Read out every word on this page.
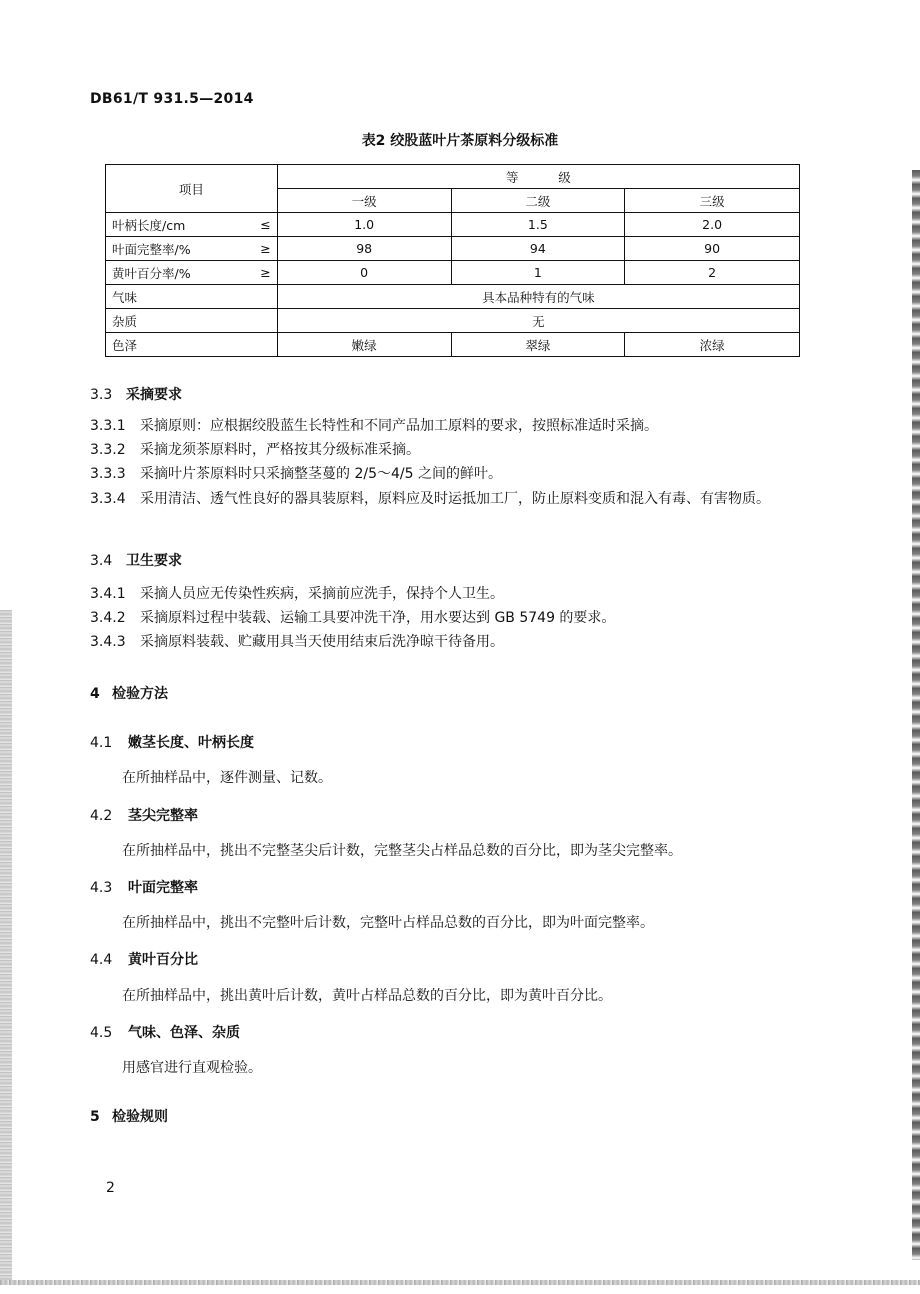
DB61/T 931.5—2014
表2 绞股蓝叶片茶原料分级标准
项目		等          级		
		一级	二级	三级
叶柄长度/cm	≤	1.0	1.5	2.0
叶面完整率/%	≥	98	94	90
黄叶百分率/%	≥	0	1	2
气味		具本品种特有的气味		
杂质		无		
色泽		嫩绿	翠绿	浓绿
3.3 采摘要求
3.3.1 采摘原则：应根据绞股蓝生长特性和不同产品加工原料的要求，按照标准适时采摘。
3.3.2 采摘龙须茶原料时，严格按其分级标准采摘。
3.3.3 采摘叶片茶原料时只采摘整茎蔓的 2/5～4/5 之间的鲜叶。
3.3.4 采用清洁、透气性良好的器具装原料，原料应及时运抵加工厂，防止原料变质和混入有毒、有害物质。
3.4 卫生要求
3.4.1 采摘人员应无传染性疾病，采摘前应洗手，保持个人卫生。
3.4.2 采摘原料过程中装载、运输工具要冲洗干净，用水要达到 GB 5749 的要求。
3.4.3 采摘原料装载、贮藏用具当天使用结束后洗净晾干待备用。
4 检验方法
4.1 嫩茎长度、叶柄长度
在所抽样品中，逐件测量、记数。
4.2 茎尖完整率
在所抽样品中，挑出不完整茎尖后计数，完整茎尖占样品总数的百分比，即为茎尖完整率。
4.3 叶面完整率
在所抽样品中，挑出不完整叶后计数，完整叶占样品总数的百分比，即为叶面完整率。
4.4 黄叶百分比
在所抽样品中，挑出黄叶后计数，黄叶占样品总数的百分比，即为黄叶百分比。
4.5 气味、色泽、杂质
用感官进行直观检验。
5 检验规则
2
